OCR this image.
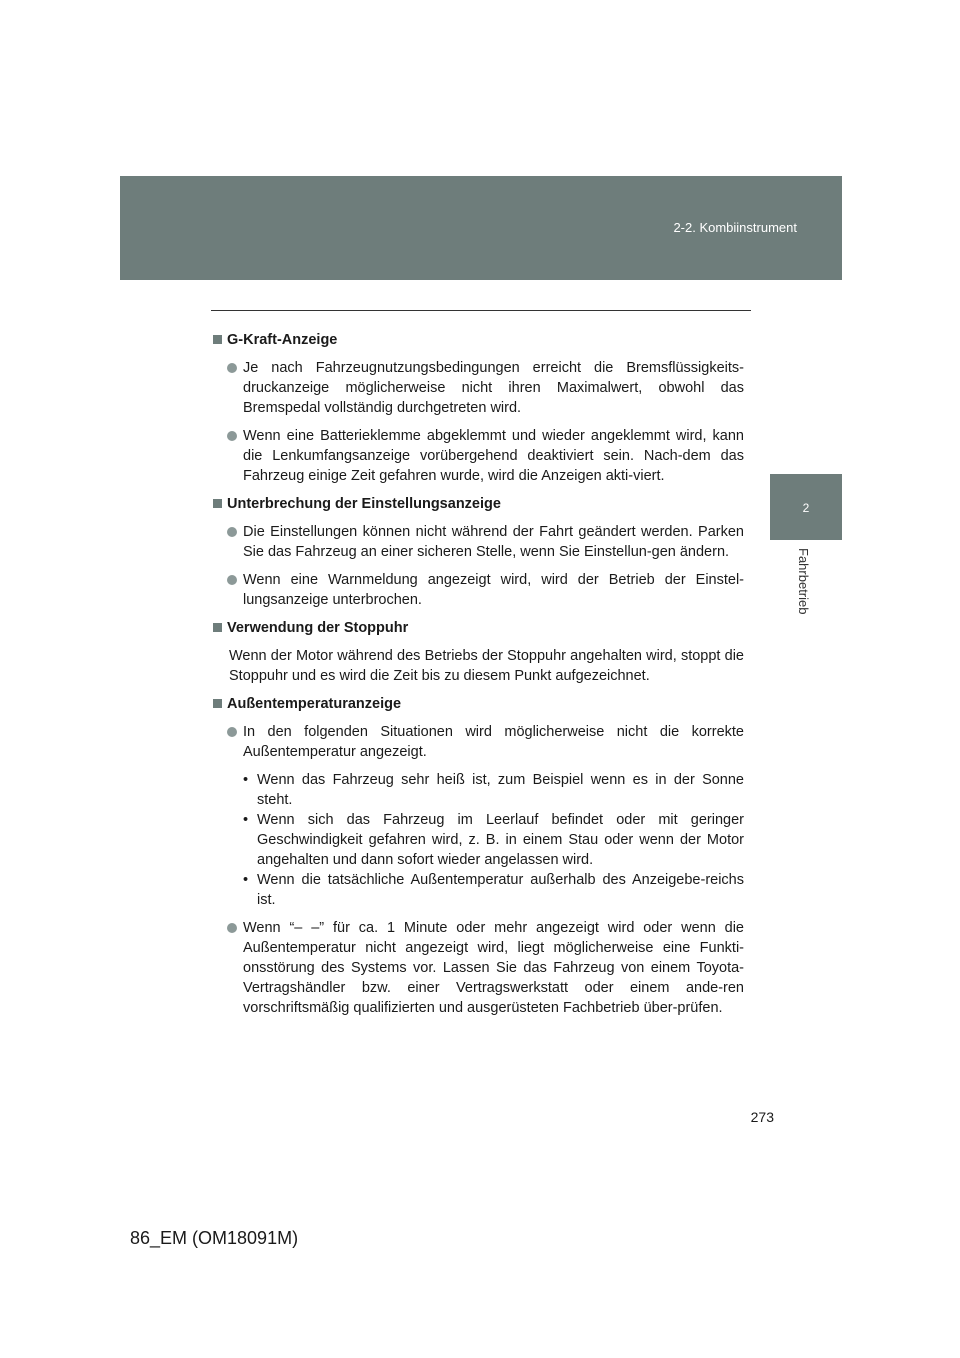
2-2. Kombiinstrument
2
Fahrbetrieb
G-Kraft-Anzeige
Je nach Fahrzeugnutzungsbedingungen erreicht die Bremsflüssigkeits-druckanzeige möglicherweise nicht ihren Maximalwert, obwohl das Bremspedal vollständig durchgetreten wird.
Wenn eine Batterieklemme abgeklemmt und wieder angeklemmt wird, kann die Lenkumfangsanzeige vorübergehend deaktiviert sein. Nach-dem das Fahrzeug einige Zeit gefahren wurde, wird die Anzeigen akti-viert.
Unterbrechung der Einstellungsanzeige
Die Einstellungen können nicht während der Fahrt geändert werden. Parken Sie das Fahrzeug an einer sicheren Stelle, wenn Sie Einstellun-gen ändern.
Wenn eine Warnmeldung angezeigt wird, wird der Betrieb der Einstel-lungsanzeige unterbrochen.
Verwendung der Stoppuhr
Wenn der Motor während des Betriebs der Stoppuhr angehalten wird, stoppt die Stoppuhr und es wird die Zeit bis zu diesem Punkt aufgezeichnet.
Außentemperaturanzeige
In den folgenden Situationen wird möglicherweise nicht die korrekte Außentemperatur angezeigt.
• Wenn das Fahrzeug sehr heiß ist, zum Beispiel wenn es in der Sonne steht.
• Wenn sich das Fahrzeug im Leerlauf befindet oder mit geringer Geschwindigkeit gefahren wird, z. B. in einem Stau oder wenn der Motor angehalten und dann sofort wieder angelassen wird.
• Wenn die tatsächliche Außentemperatur außerhalb des Anzeigebe-reichs ist.
Wenn “– –” für ca. 1 Minute oder mehr angezeigt wird oder wenn die Außentemperatur nicht angezeigt wird, liegt möglicherweise eine Funkti-onsstörung des Systems vor. Lassen Sie das Fahrzeug von einem Toyota-Vertragshändler bzw. einer Vertragswerkstatt oder einem ande-ren vorschriftsmäßig qualifizierten und ausgerüsteten Fachbetrieb über-prüfen.
273
86_EM (OM18091M)
